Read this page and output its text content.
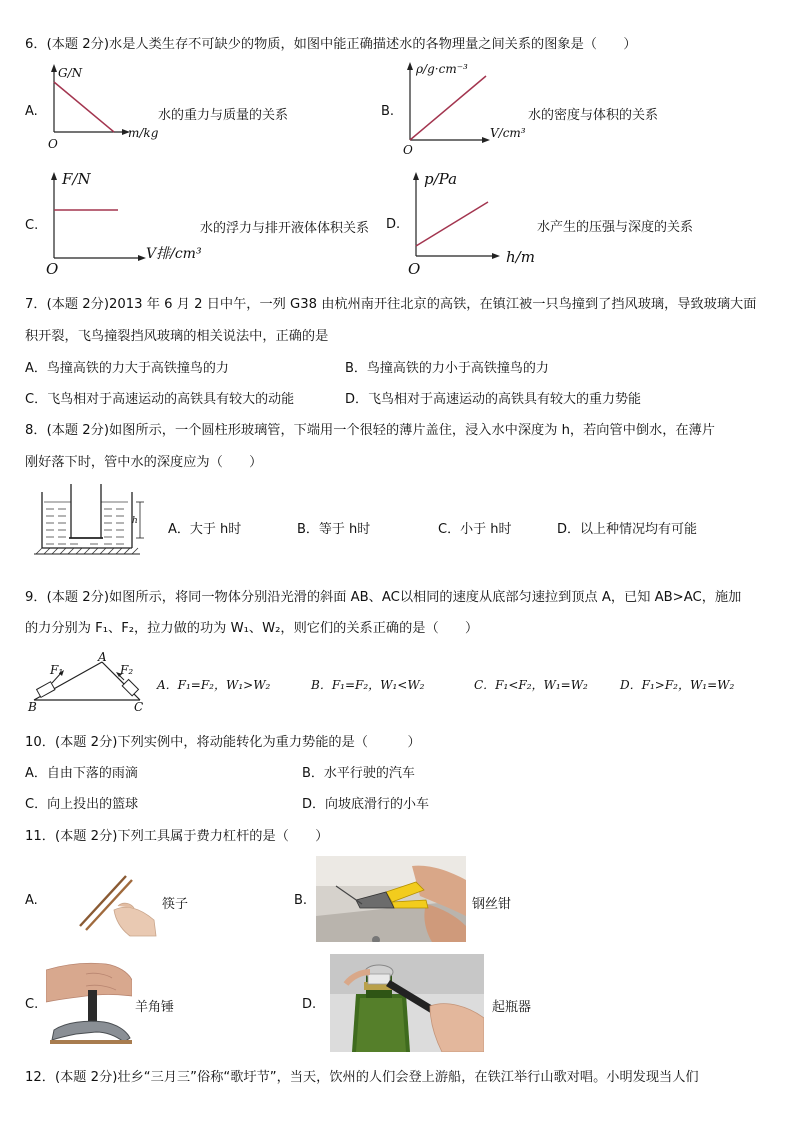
6．(本题 2分)水是人类生存不可缺少的物质，如图中能正确描述水的各物理量之间关系的图象是（　　）
A.
G/N
m/kg
O
水的重力与质量的关系	B.
ρ/g·cm⁻³
V/cm³
O
水的密度与体积的关系
C.
F/N
V排/cm³
O
水的浮力与排开液体体积关系 D.
p/Pa
h/m
O
水产生的压强与深度的关系
7．(本题 2分)2013 年 6 月 2 日中午，一列 G38 由杭州南开往北京的高铁，在镇江被一只鸟撞到了挡风玻璃，导致玻璃大面
积开裂，飞鸟撞裂挡风玻璃的相关说法中，正确的是
A．鸟撞高铁的力大于高铁撞鸟的力	B．鸟撞高铁的力小于高铁撞鸟的力
C．飞鸟相对于高速运动的高铁具有较大的动能	D．飞鸟相对于高速运动的高铁具有较大的重力势能
8．(本题 2分)如图所示，一个圆柱形玻璃管，下端用一个很轻的薄片盖住，浸入水中深度为 h，若向管中倒水，在薄片
刚好落下时，管中水的深度应为（　　）
h
A．大于 h时	B．等于 h时	C．小于 h时	D．以上种情况均有可能
9．(本题 2分)如图所示，将同一物体分别沿光滑的斜面 AB、AC以相同的速度从底部匀速拉到顶点 A，已知 AB>AC，施加
的力分别为 F₁、F₂，拉力做的功为 W₁、W₂，则它们的关系正确的是（　　）
A
B	C
F₁	F₂
A．F₁=F₂，W₁>W₂	B．F₁=F₂，W₁<W₂	C．F₁<F₂，W₁=W₂	D．F₁>F₂，W₁=W₂
10．(本题 2分)下列实例中，将动能转化为重力势能的是（　　　）
A．自由下落的雨滴	B．水平行驶的汽车
C．向上投出的篮球	D．向坡底滑行的小车
11．(本题 2分)下列工具属于费力杠杆的是（　　）
A.	筷子	B.	钢丝钳
C.	羊角锤	D.	起瓶器
12．(本题 2分)壮乡“三月三”俗称“歌圩节”，当天，饮州的人们会登上游船，在铁江举行山歌对唱。小明发现当人们
